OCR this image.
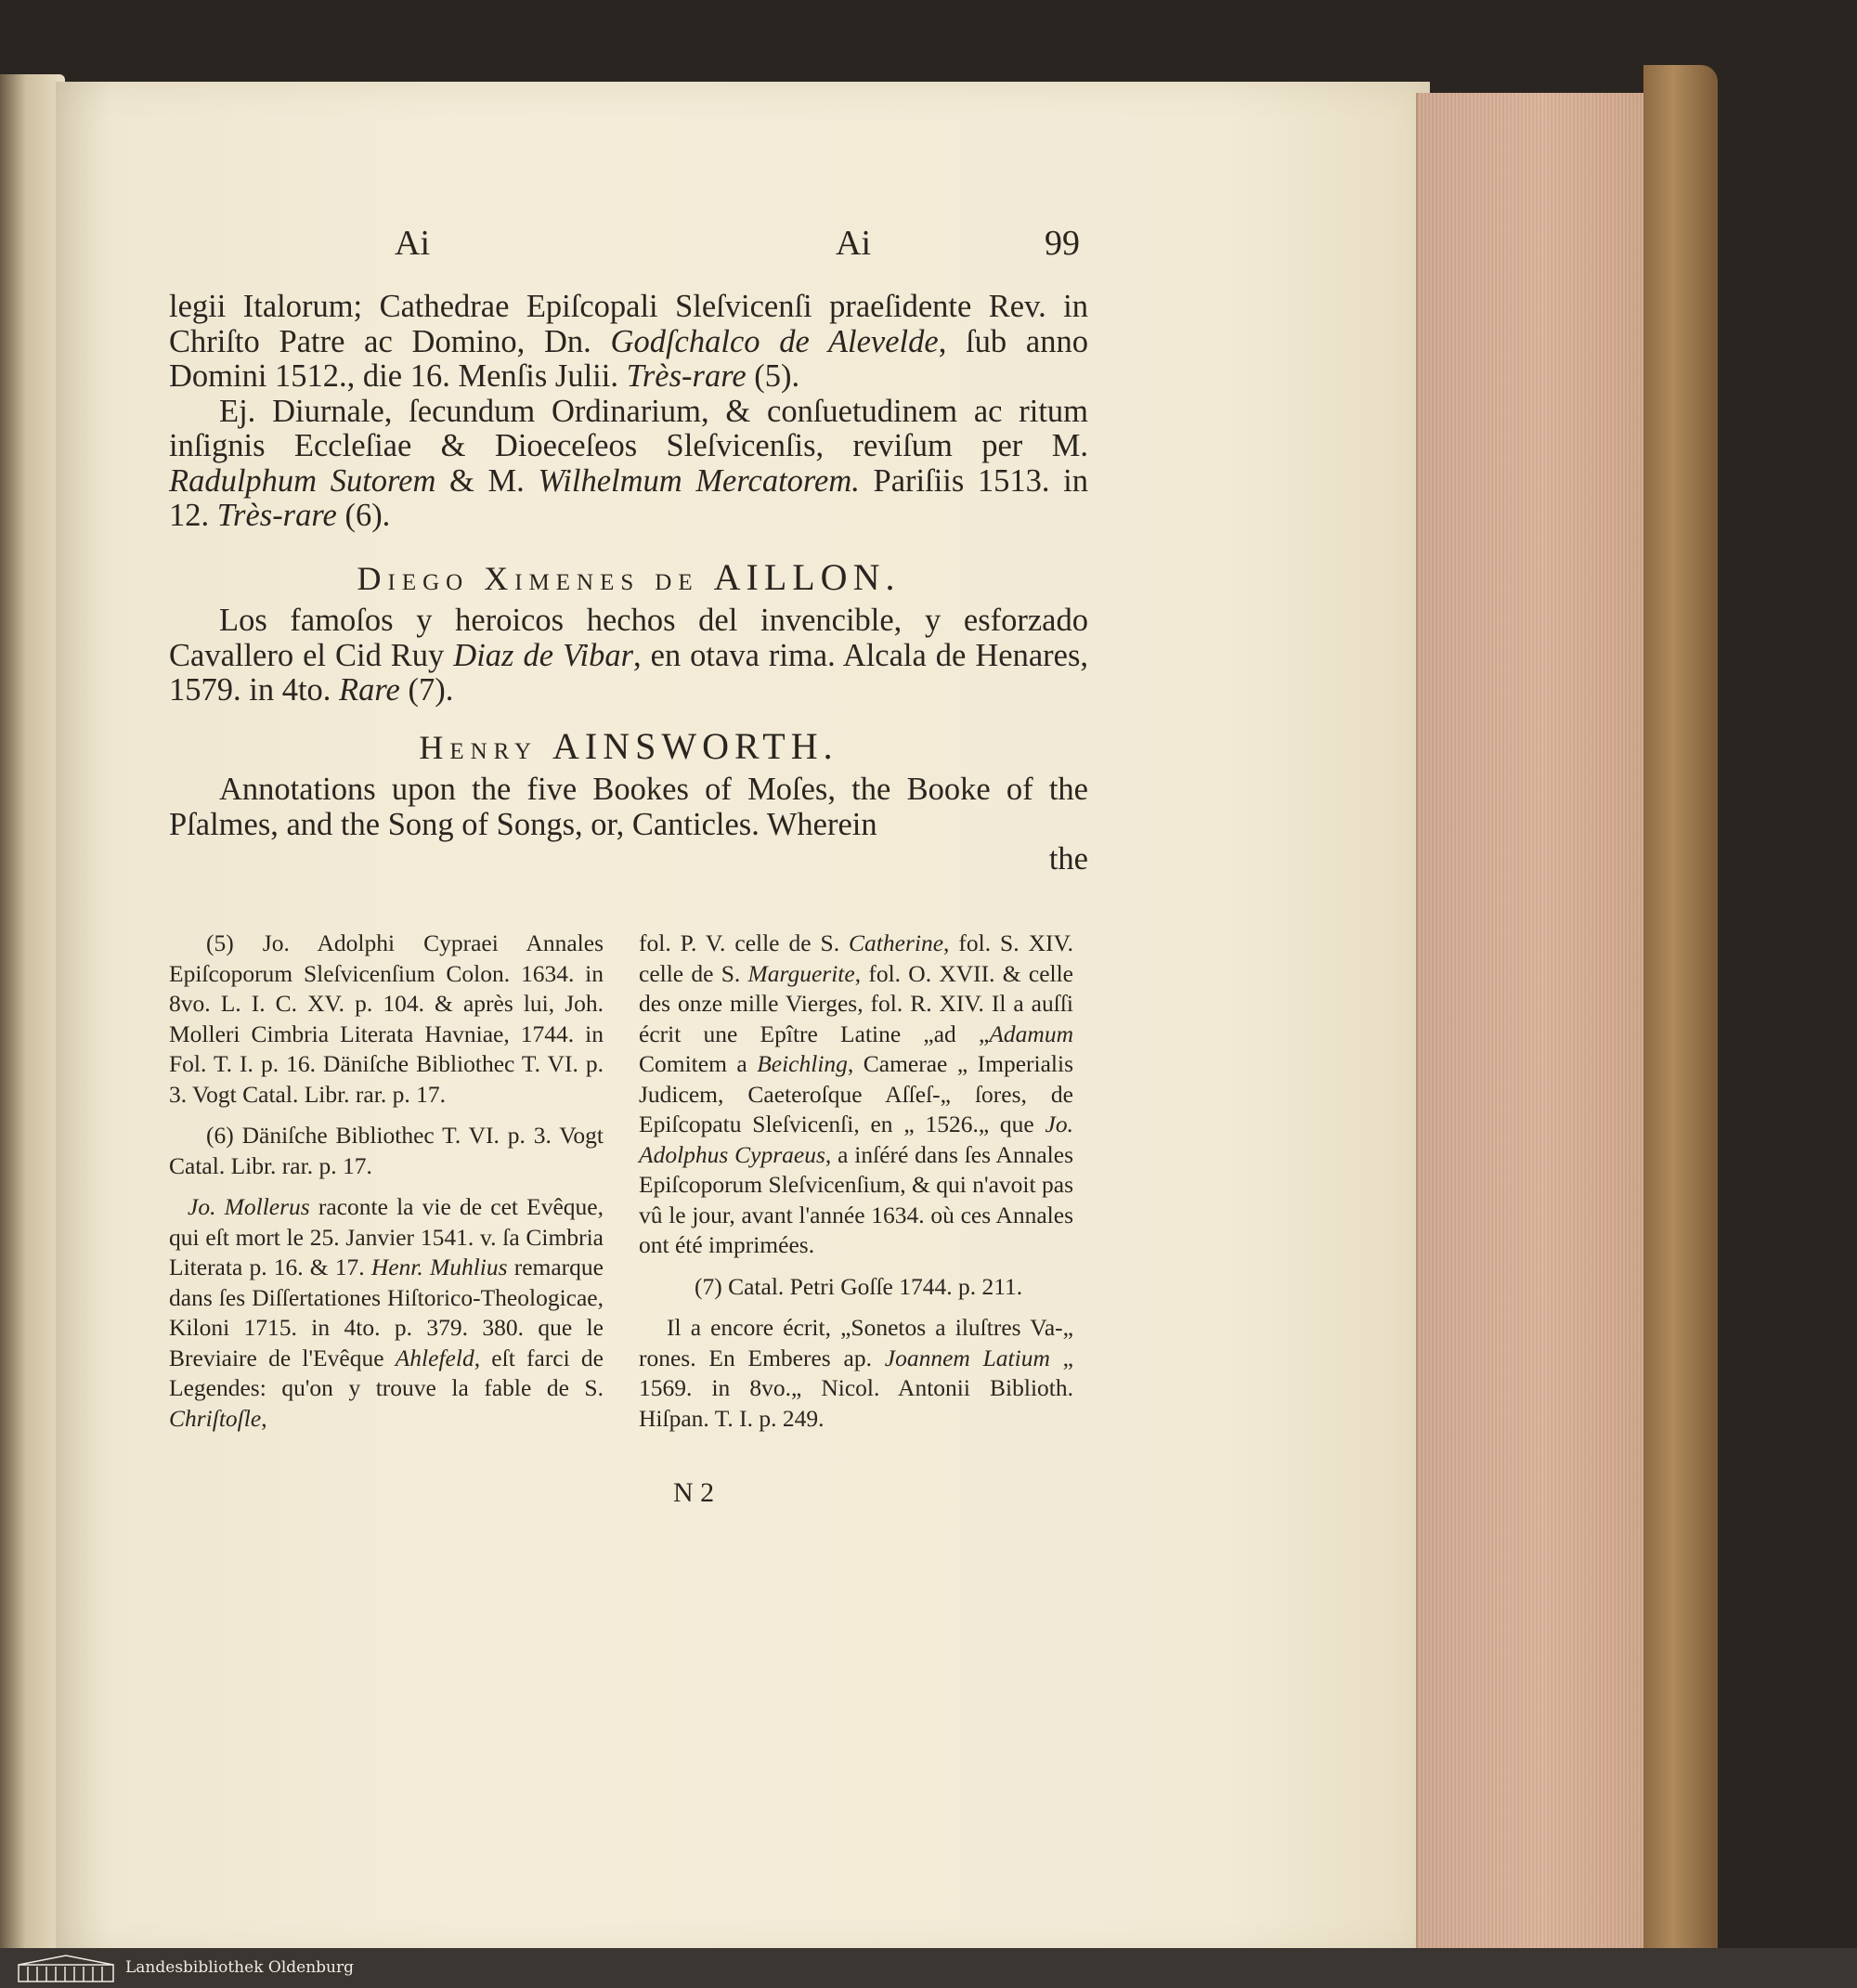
Ai	Ai	99

legii Italorum; Cathedrae Epiſcopali Sleſvicenſi praeſidente Rev. in Chriſto Patre ac Domino, Dn. Godſchalco de Alevelde, ſub anno Domini 1512., die 16. Menſis Julii. Très-rare (5).

Ej. Diurnale, ſecundum Ordinarium, & conſuetudinem ac ritum inſignis Eccleſiae & Dioeceſeos Sleſvicenſis, reviſum per M. Radulphum Sutorem & M. Wilhelmum Mercatorem. Pariſiis 1513. in 12. Très-rare (6).

Diego Ximenes de AILLON.

Los famoſos y heroicos hechos del invencible, y esforzado Cavallero el Cid Ruy Diaz de Vibar, en otava rima. Alcala de Henares, 1579. in 4to. Rare (7).

Henry AINSWORTH.

Annotations upon the five Bookes of Moſes, the Booke of the Pſalmes, and the Song of Songs, or, Canticles. Wherein

the

(5) Jo. Adolphi Cypraei Annales Epiſcoporum Sleſvicenſium Colon. 1634. in 8vo. L. I. C. XV. p. 104. & après lui, Joh. Molleri Cimbria Literata Havniae, 1744. in Fol. T. I. p. 16. Däniſche Bibliothec T. VI. p. 3. Vogt Catal. Libr. rar. p. 17.

(6) Däniſche Bibliothec T. VI. p. 3. Vogt Catal. Libr. rar. p. 17.

Jo. Mollerus raconte la vie de cet Evêque, qui eſt mort le 25. Janvier 1541. v. ſa Cimbria Literata p. 16. & 17. Henr. Muhlius remarque dans ſes Diſſertationes Hiſtorico-Theologicae, Kiloni 1715. in 4to. p. 379. 380. que le Breviaire de l'Evêque Ahlefeld, eſt farci de Legendes: qu'on y trouve la fable de S. Chriſtoſle,

fol. P. V. celle de S. Catherine, fol. S. XIV. celle de S. Marguerite, fol. O. XVII. & celle des onze mille Vierges, fol. R. XIV. Il a auſſi écrit une Epître Latine „ad „Adamum Comitem a Beichling, Camerae „ Imperialis Judicem, Caeteroſque Aſſeſ-„ ſores, de Epiſcopatu Sleſvicenſi, en „ 1526.„ que Jo. Adolphus Cypraeus, a inſéré dans ſes Annales Epiſcoporum Sleſvicenſium, & qui n'avoit pas vû le jour, avant l'année 1634. où ces Annales ont été imprimées.

(7) Catal. Petri Goſſe 1744. p. 211.

Il a encore écrit, „Sonetos a iluſtres Va-„ rones. En Emberes ap. Joannem Latium „ 1569. in 8vo.„ Nicol. Antonii Biblioth. Hiſpan. T. I. p. 249.

N 2
Landesbibliothek Oldenburg
